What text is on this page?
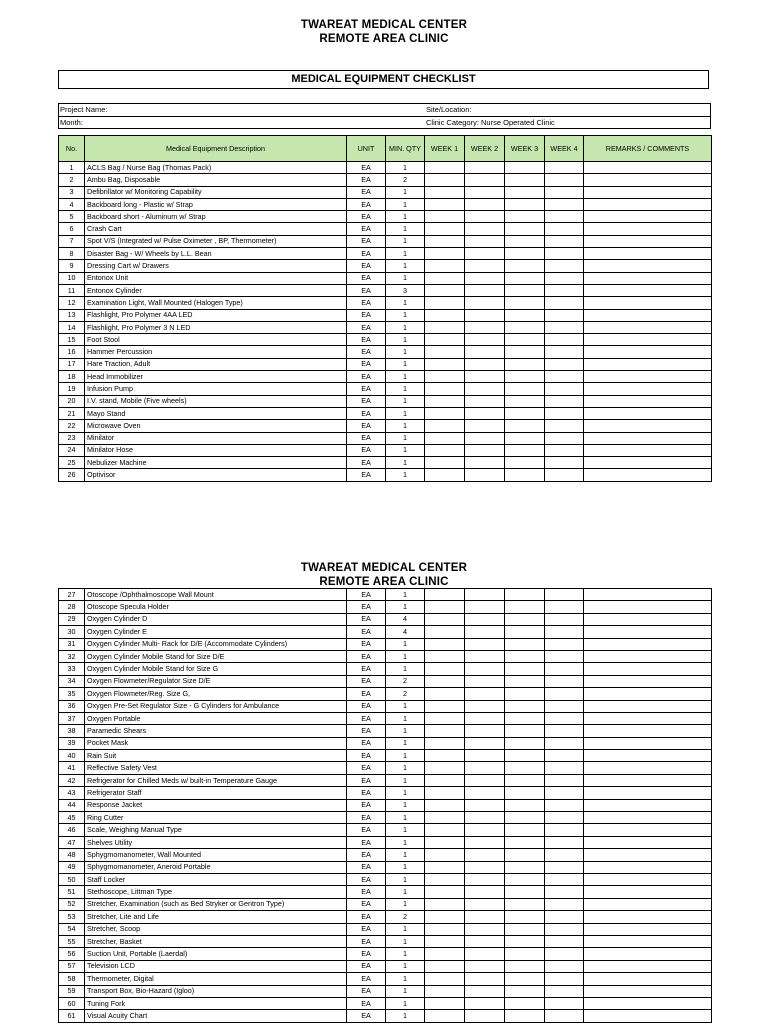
TWAREAT MEDICAL CENTER
REMOTE AREA CLINIC
MEDICAL EQUIPMENT CHECKLIST
Project Name:	Site/Location:
Month:	Clinic Category: Nurse Operated Clinic
No.	Medical Equipment Description	UNIT	MIN. QTY	WEEK 1	WEEK 2	WEEK 3	WEEK 4	REMARKS / COMMENTS
1	ACLS Bag / Nurse Bag (Thomas Pack)	EA	1					
2	Ambu Bag, Disposable	EA	2					
3	Defibrillator w/ Monitoring Capability	EA	1					
4	Backboard long - Plastic w/ Strap	EA	1					
5	Backboard short - Aluminum w/ Strap	EA	1					
6	Crash Cart	EA	1					
7	Spot V/S (Integrated w/ Pulse Oximeter , BP, Thermometer)	EA	1					
8	Disaster Bag - W/ Wheels by L.L. Bean	EA	1					
9	Dressing Cart w/ Drawers	EA	1					
10	Entonox Unit	EA	1					
11	Entonox Cylinder	EA	3					
12	Examination Light, Wall Mounted (Halogen Type)	EA	1					
13	Flashlight, Pro Polymer 4AA LED	EA	1					
14	Flashlight, Pro Polymer 3 N LED	EA	1					
15	Foot Stool	EA	1					
16	Hammer Percussion	EA	1					
17	Hare Traction, Adult	EA	1					
18	Head Immobilizer	EA	1					
19	Infusion Pump	EA	1					
20	I.V. stand, Mobile (Five wheels)	EA	1					
21	Mayo Stand	EA	1					
22	Microwave Oven	EA	1					
23	Minilator	EA	1					
24	Minilator Hose	EA	1					
25	Nebulizer Machine	EA	1					
26	Optivisor	EA	1					
TWAREAT MEDICAL CENTER
REMOTE AREA CLINIC
27	Otoscope /Ophthalmoscope Wall Mount	EA	1					
28	Otoscope Specula Holder	EA	1					
29	Oxygen Cylinder D	EA	4					
30	Oxygen Cylinder E	EA	4					
31	Oxygen Cylinder Multi- Rack for D/E (Accommodate Cylinders)	EA	1					
32	Oxygen Cylinder Mobile Stand for Size D/E	EA	1					
33	Oxygen Cylinder Mobile Stand for Size G	EA	1					
34	Oxygen Flowmeter/Regulator Size D/E	EA	2					
35	Oxygen Flowmeter/Reg. Size G,	EA	2					
36	Oxygen Pre-Set Regulator Size - G Cylinders for Ambulance	EA	1					
37	Oxygen Portable	EA	1					
38	Paramedic Shears	EA	1					
39	Pocket Mask	EA	1					
40	Rain Suit	EA	1					
41	Reflective Safety Vest	EA	1					
42	Refrigerator for Chilled Meds w/ built-in Temperature Gauge	EA	1					
43	Refrigerator Staff	EA	1					
44	Response Jacket	EA	1					
45	Ring Cutter	EA	1					
46	Scale, Weighing Manual Type	EA	1					
47	Shelves Utility	EA	1					
48	Sphygmomanometer, Wall Mounted	EA	1					
49	Sphygmomanometer, Aneroid Portable	EA	1					
50	Staff Locker	EA	1					
51	Stethoscope, Littman Type	EA	1					
52	Stretcher, Examination (such as Bed Stryker or Gentron Type)	EA	1					
53	Stretcher, Lite and Life	EA	2					
54	Stretcher, Scoop	EA	1					
55	Stretcher, Basket	EA	1					
56	Suction Unit, Portable (Laerdal)	EA	1					
57	Television LCD	EA	1					
58	Thermometer, Digital	EA	1					
59	Transport Box, Bio-Hazard (Igloo)	EA	1					
60	Tuning Fork	EA	1					
61	Visual Acuity Chart	EA	1					
